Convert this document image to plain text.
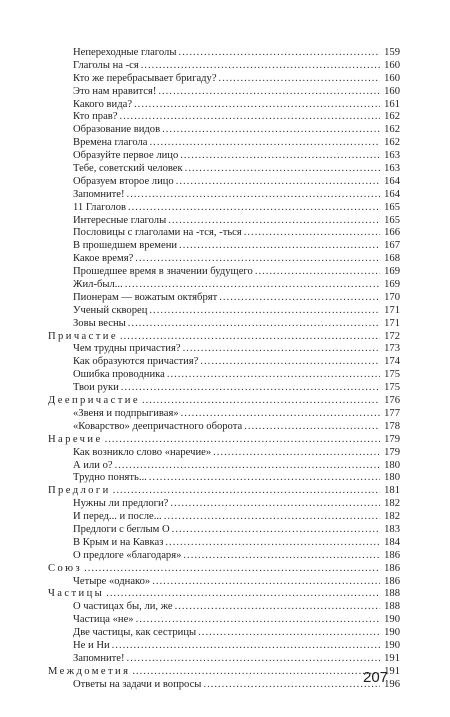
Непереходные глаголы .....	159
Глаголы на -ся .....	160
Кто же перебрасывает бригаду? .....	160
Это нам нравится! .....	160
Какого вида? .....	161
Кто прав? .....	162
Образование видов .....	162
Времена глагола .....	162
Образуйте первое лицо .....	163
Тебе, советский человек .....	163
Образуем второе лицо .....	164
Запомните! .....	164
11 Глаголов .....	165
Интересные глаголы .....	165
Пословицы с глаголами на -тся, -ться .....	166
В прошедшем времени .....	167
Какое время? .....	168
Прошедшее время в значении будущего .....	169
Жил-был... .....	169
Пионерам — вожатым октябрят .....	170
Ученый скворец .....	171
Зовы весны .....	171
Причастие .....	172
Чем трудны причастия? .....	173
Как образуются причастия? .....	174
Ошибка проводника .....	175
Твои руки .....	175
Деепричастие .....	176
«Звеня и подпрыгивая» .....	177
«Коварство» деепричастного оборота .....	178
Наречие .....	179
Как возникло слово «наречие» .....	179
А или о? .....	180
Трудно понять... .....	180
Предлоги .....	181
Нужны ли предлоги? .....	182
И перед... и после... .....	182
Предлоги с беглым О .....	183
В Крым и на Кавказ .....	184
О предлоге «благодаря» .....	186
Союз .....	186
Четыре «однако» .....	186
Частицы .....	188
О частицах бы, ли, же .....	188
Частица «не» .....	190
Две частицы, как сестрицы .....	190
Не и Ни .....	190
Запомните! .....	191
Междометия .....	191
Ответы на задачи и вопросы .....	196
207
